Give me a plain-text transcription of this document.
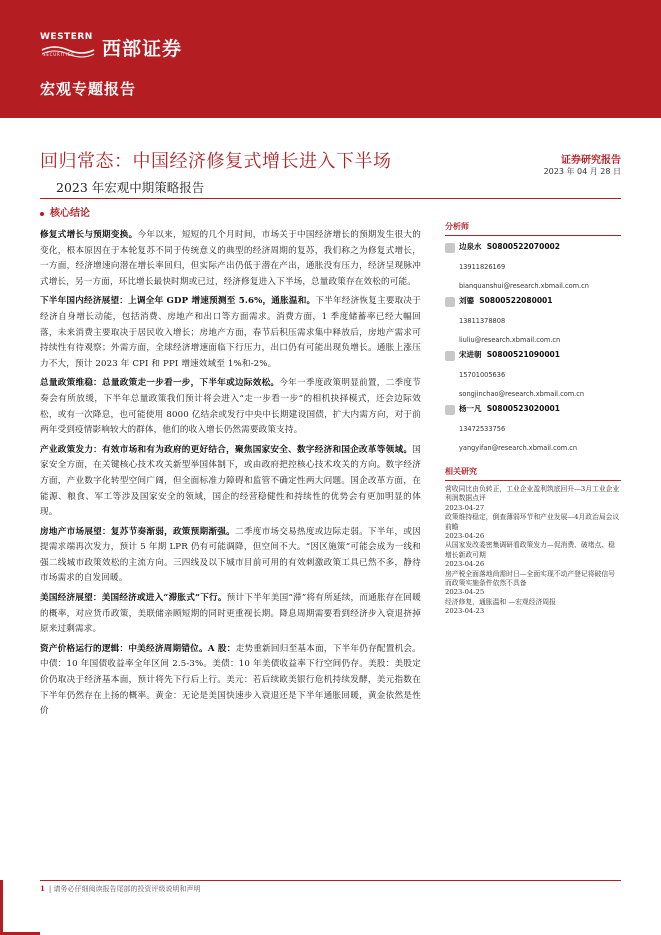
WESTERN
SECURITIES 西部证券
宏观专题报告
回归常态：中国经济修复式增长进入下半场
2023 年宏观中期策略报告
证券研究报告
2023 年 04 月 28 日
核心结论

修复式增长与预期变换。今年以来，短短的几个月时间，市场关于中国经济增长的预期发生很大的变化，根本原因在于本轮复苏不同于传统意义的典型的经济周期的复苏，我们称之为修复式增长，一方面，经济增速向潜在增长率回归，但实际产出仍低于潜在产出，通胀没有压力，经济呈现脉冲式增长，另一方面，环比增长最快时期或已过，经济修复进入下半场，总量政策存在效松的可能。

下半年国内经济展望：上调全年 GDP 增速预测至 5.6%，通胀温和。下半年经济恢复主要取决于经济自身增长动能，包括消费、房地产和出口等方面需求。消费方面，1 季度储蓄率已经大幅回落，未来消费主要取决于居民收入增长；房地产方面，春节后积压需求集中释放后，房地产需求可持续性有待观察；外需方面，全球经济增速面临下行压力，出口仍有可能出现负增长。通胀上涨压力不大，预计 2023 年 CPI 和 PPI 增速效域至 1%和-2%。

总量政策维稳：总量政策走一步看一步，下半年或边际效松。今年一季度政策明显前置，二季度节奏会有所放缓，下半年总量政策我们预计将会进入“走一步看一步”的相机抉择模式，还会边际效松，或有一次降息，也可能使用 8000 亿结余或发行中央中长期建设国债，扩大内需方向，对于前两年受到疫情影响较大的群体，他们的收入增长仍然需要政策支持。

产业政策发力：有效市场和有为政府的更好结合，聚焦国家安全、数字经济和国企改革等领域。国家安全方面，在关键核心技术攻关新型举国体制下，或由政府把控核心技术攻关的方向。数字经济方面，产业数字化转型空间广阔，但全面标准力障碍和监管不确定性两大问题。国企改革方面，在能源、粮食、军工等涉及国家安全的领域，国企的经营稳健性和持续性的优势会有更加明显的体现。

房地产市场展望：复苏节奏渐弱，政策预期渐强。二季度市场交易热度或边际走弱。下半年，或因提需求端再次发力，预计 5 年期 LPR 仍有可能调降，但空间不大。“因区施策”可能会成为一线和强二线城市政策效松的主流方向。三四线及以下城市目前可用的有效刺激政策工具已然不多，静待市场需求的自发回暖。

美国经济展望：美国经济或进入“滞胀式”下行。预计下半年美国“滞”将有所延续，而通胀存在回暖的概率，对应货币政策，美联储亲顾短期的同时更重视长期。降息周期需要看到经济步入衰退挤掉原来过剩需求。

资产价格运行的逻辑：中美经济周期错位。A 股：走势重新回归至基本面，下半年仍存配置机会。中债：10 年国债收益率全年区间 2.5-3%。美债：10 年美债收益率下行空间仍存。美股：美股定价仍取决于经济基本面，预计将先下行后上行。美元：若后续欧美银行危机持续发酵，美元指数在下半年仍然存在上扬的概率。黄金：无论是美国快速步入衰退还是下半年通胀回暖，黄金依然是性价

分析师
边泉水 S0800522070002
13911826169
bianquanshui@research.xbmail.com.cn
刘鎏 S0800522080001
13811378808
liuliu@research.xbmail.com.cn
宋进朝 S0800521090001
15701005636
songjinchao@research.xbmail.com.cn
杨一凡 S0800523020001
13472533756
yangyifan@research.xbmail.com.cn
相关研究
营收同比由负转正，工业企业盈利筑底回升—3月工业企业利润数据点评
2023-04-27
政策维持稳定，倒查薄弱环节和产业发展—4月政治局会议前瞻
2023-04-26
从国家发改委密集调研看政策发力—促消费、破堵点、稳增长新政可期
2023-04-26
房产税全面落地尚需时日—全面实现不动产登记将破信号而政策实施条件依然不具备
2023-04-25
经济修复，通胀温和 —宏观经济周报
2023-04-23
1 | 请务必仔细阅读报告尾部的投资评级说明和声明
